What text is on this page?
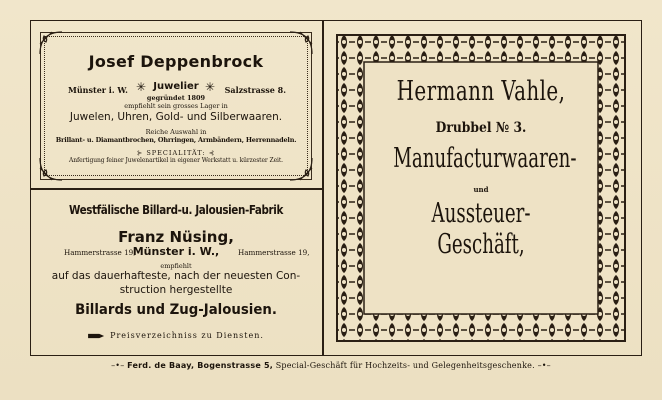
Josef Deppenbrock
Münster i. W. ✳ Juwelier ✳ Salzstrasse 8.
gegründet 1809
empfiehlt sein grosses Lager in
Juwelen, Uhren, Gold- und Silberwaaren.
Reiche Auswahl in
Brillant- u. Diamantbrochen, Ohrringen, Armbändern, Herrennadeln.
⊱ SPECIALITÄT: ⊰
Anfertigung feiner Juwelenartikel in eigener Werkstatt u. kürzester Zeit.
Westfälische Billard-u. Jalousien-Fabrik
Franz Nüsing,
Hammerstrasse 19,
Münster i. W.,	Hammerstrasse 19,
empfiehlt
auf das dauerhafteste, nach der neuesten Con-
struction hergestellte
Billards und Zug-Jalousien.
Preisverzeichniss zu Diensten.
Hermann Vahle,
Drubbel № 3.
Manufacturwaaren-
und
Aussteuer-Geschäft,
–•– Ferd. de Baay, Bogenstrasse 5, Special-Geschäft für Hochzeits- und Gelegenheitsgeschenke. –•–
